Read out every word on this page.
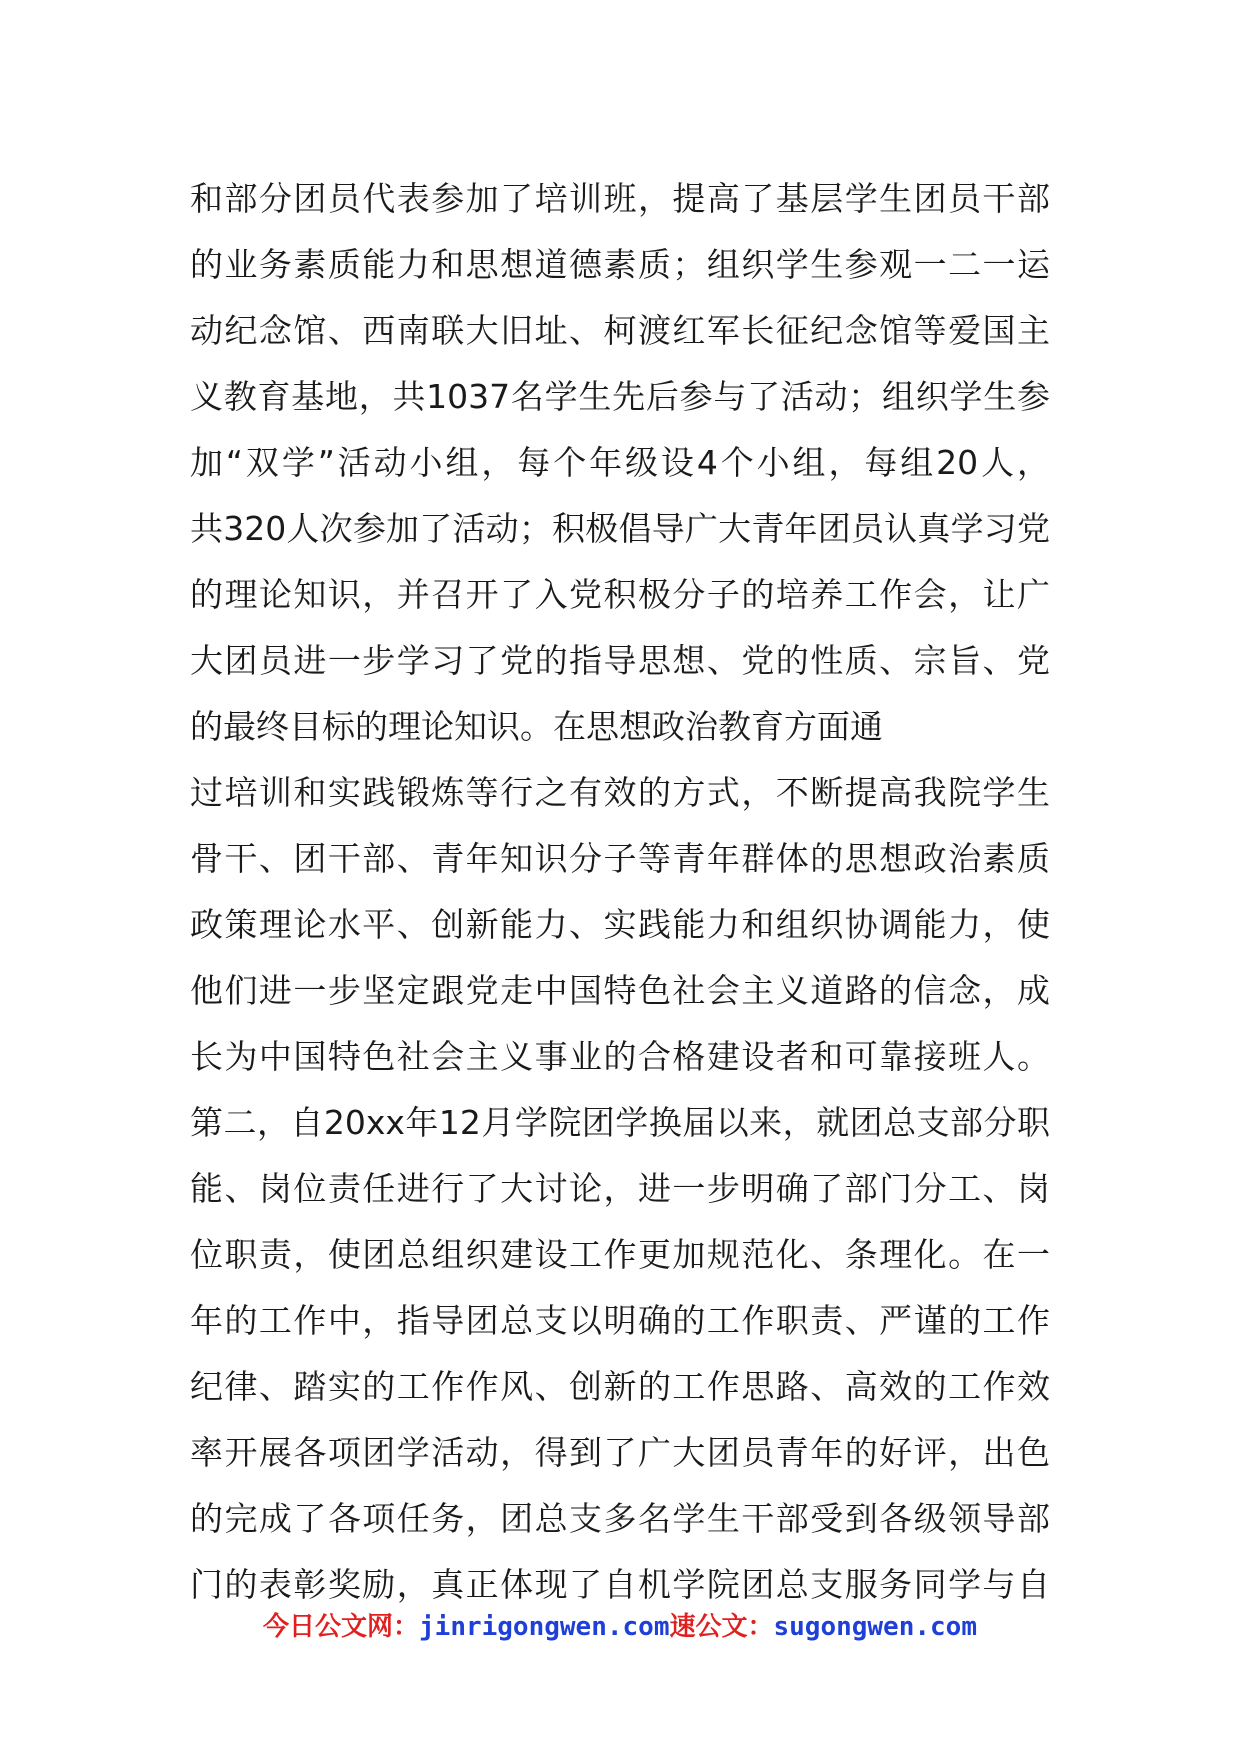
和部分团员代表参加了培训班，提高了基层学生团员干部
的业务素质能力和思想道德素质；组织学生参观一二一运
动纪念馆、西南联大旧址、柯渡红军长征纪念馆等爱国主
义教育基地，共1037名学生先后参与了活动；组织学生参
加“双学”活动小组，每个年级设4个小组，每组20人，
共320人次参加了活动；积极倡导广大青年团员认真学习党
的理论知识，并召开了入党积极分子的培养工作会，让广
大团员进一步学习了党的指导思想、党的性质、宗旨、党
的最终目标的理论知识。在思想政治教育方面通
过培训和实践锻炼等行之有效的方式，不断提高我院学生
骨干、团干部、青年知识分子等青年群体的思想政治素质
政策理论水平、创新能力、实践能力和组织协调能力，使
他们进一步坚定跟党走中国特色社会主义道路的信念，成
长为中国特色社会主义事业的合格建设者和可靠接班人。
第二，自20xx年12月学院团学换届以来，就团总支部分职
能、岗位责任进行了大讨论，进一步明确了部门分工、岗
位职责，使团总组织建设工作更加规范化、条理化。在一
年的工作中，指导团总支以明确的工作职责、严谨的工作
纪律、踏实的工作作风、创新的工作思路、高效的工作效
率开展各项团学活动，得到了广大团员青年的好评，出色
的完成了各项任务，团总支多名学生干部受到各级领导部
门的表彰奖励，真正体现了自机学院团总支服务同学与自
今日公文网：jinrigongwen.com速公文：sugongwen.com
